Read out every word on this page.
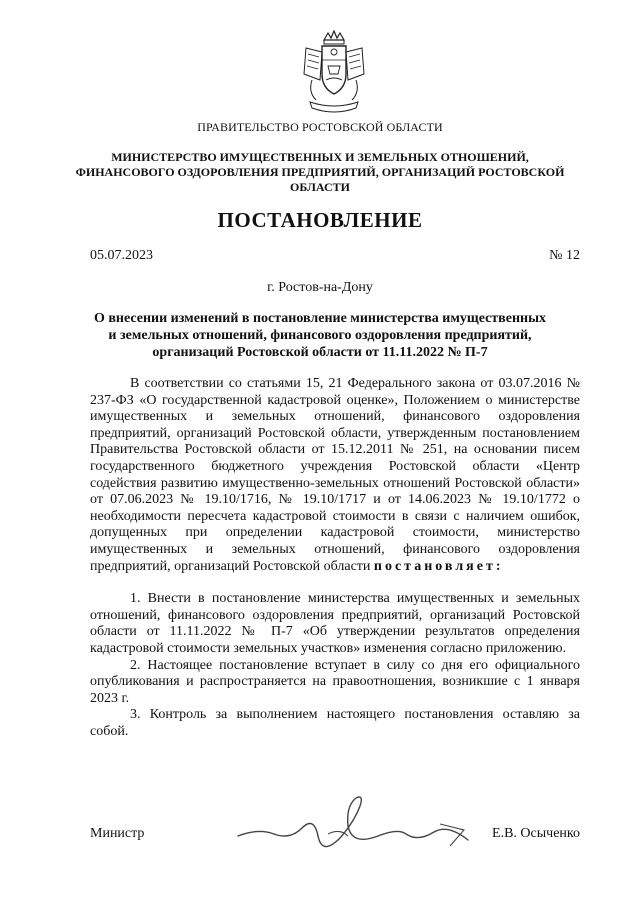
ПРАВИТЕЛЬСТВО РОСТОВСКОЙ ОБЛАСТИ
МИНИСТЕРСТВО ИМУЩЕСТВЕННЫХ И ЗЕМЕЛЬНЫХ ОТНОШЕНИЙ,
ФИНАНСОВОГО ОЗДОРОВЛЕНИЯ ПРЕДПРИЯТИЙ, ОРГАНИЗАЦИЙ РОСТОВСКОЙ
ОБЛАСТИ
ПОСТАНОВЛЕНИЕ
05.07.2023	№ 12
г. Ростов-на-Дону
О внесении изменений в постановление министерства имущественных
и земельных отношений, финансового оздоровления предприятий,
организаций Ростовской области от 11.11.2022 № П-7

В соответствии со статьями 15, 21 Федерального закона от 03.07.2016 № 237-ФЗ «О государственной кадастровой оценке», Положением о министерстве имущественных и земельных отношений, финансового оздоровления предприятий, организаций Ростовской области, утвержденным постановлением Правительства Ростовской области от 15.12.2011 № 251, на основании писем государственного бюджетного учреждения Ростовской области «Центр содействия развитию имущественно-земельных отношений Ростовской области» от 07.06.2023 № 19.10/1716, № 19.10/1717 и от 14.06.2023 № 19.10/1772 о необходимости пересчета кадастровой стоимости в связи с наличием ошибок, допущенных при определении кадастровой стоимости, министерство имущественных и земельных отношений, финансового оздоровления предприятий, организаций Ростовской области постановляет:

1. Внести в постановление министерства имущественных и земельных отношений, финансового оздоровления предприятий, организаций Ростовской области от 11.11.2022 № П-7 «Об утверждении результатов определения кадастровой стоимости земельных участков» изменения согласно приложению.

2. Настоящее постановление вступает в силу со дня его официального опубликования и распространяется на правоотношения, возникшие с 1 января 2023 г.

3. Контроль за выполнением настоящего постановления оставляю за собой.

Министр	Е.В. Осыченко
